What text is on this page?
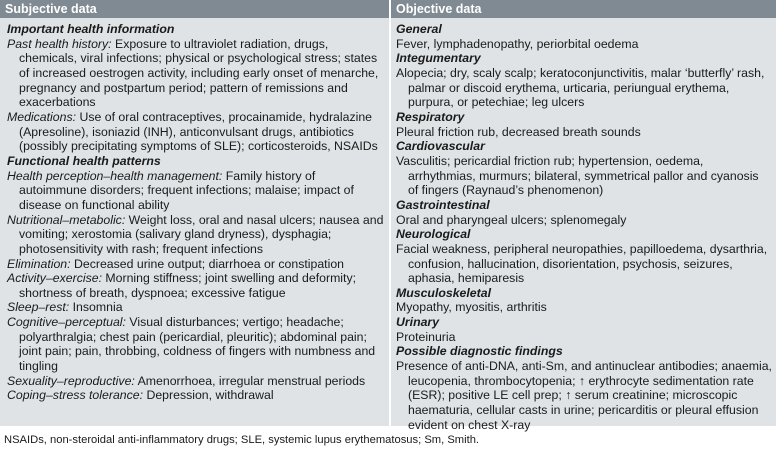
Subjective data	Objective data

Important health information

Past health history: Exposure to ultraviolet radiation, drugs, chemicals, viral infections; physical or psychological stress; states of increased oestrogen activity, including early onset of menarche, pregnancy and postpartum period; pattern of remissions and exacerbations

Medications: Use of oral contraceptives, procainamide, hydralazine (Apresoline), isoniazid (INH), anticonvulsant drugs, antibiotics (possibly precipitating symptoms of SLE); corticosteroids, NSAIDs

Functional health patterns

Health perception–health management: Family history of autoimmune disorders; frequent infections; malaise; impact of disease on functional ability

Nutritional–metabolic: Weight loss, oral and nasal ulcers; nausea and vomiting; xerostomia (salivary gland dryness), dysphagia; photosensitivity with rash; frequent infections

Elimination: Decreased urine output; diarrhoea or constipation

Activity–exercise: Morning stiffness; joint swelling and deformity; shortness of breath, dyspnoea; excessive fatigue

Sleep–rest: Insomnia

Cognitive–perceptual: Visual disturbances; vertigo; headache; polyarthralgia; chest pain (pericardial, pleuritic); abdominal pain; joint pain; pain, throbbing, coldness of fingers with numbness and tingling

Sexuality–reproductive: Amenorrhoea, irregular menstrual periods

Coping–stress tolerance: Depression, withdrawal

General

Fever, lymphadenopathy, periorbital oedema

Integumentary

Alopecia; dry, scaly scalp; keratoconjunctivitis, malar ‘butterfly’ rash, palmar or discoid erythema, urticaria, periungual erythema, purpura, or petechiae; leg ulcers

Respiratory

Pleural friction rub, decreased breath sounds

Cardiovascular

Vasculitis; pericardial friction rub; hypertension, oedema, arrhythmias, murmurs; bilateral, symmetrical pallor and cyanosis of fingers (Raynaud’s phenomenon)

Gastrointestinal

Oral and pharyngeal ulcers; splenomegaly

Neurological

Facial weakness, peripheral neuropathies, papilloedema, dysarthria, confusion, hallucination, disorientation, psychosis, seizures, aphasia, hemiparesis

Musculoskeletal

Myopathy, myositis, arthritis

Urinary

Proteinuria

Possible diagnostic findings

Presence of anti-DNA, anti-Sm, and antinuclear antibodies; anaemia, leucopenia, thrombocytopenia; ↑ erythrocyte sedimentation rate (ESR); positive LE cell prep; ↑ serum creatinine; microscopic haematuria, cellular casts in urine; pericarditis or pleural effusion evident on chest X-ray

NSAIDs, non-steroidal anti-inflammatory drugs; SLE, systemic lupus erythematosus; Sm, Smith.
